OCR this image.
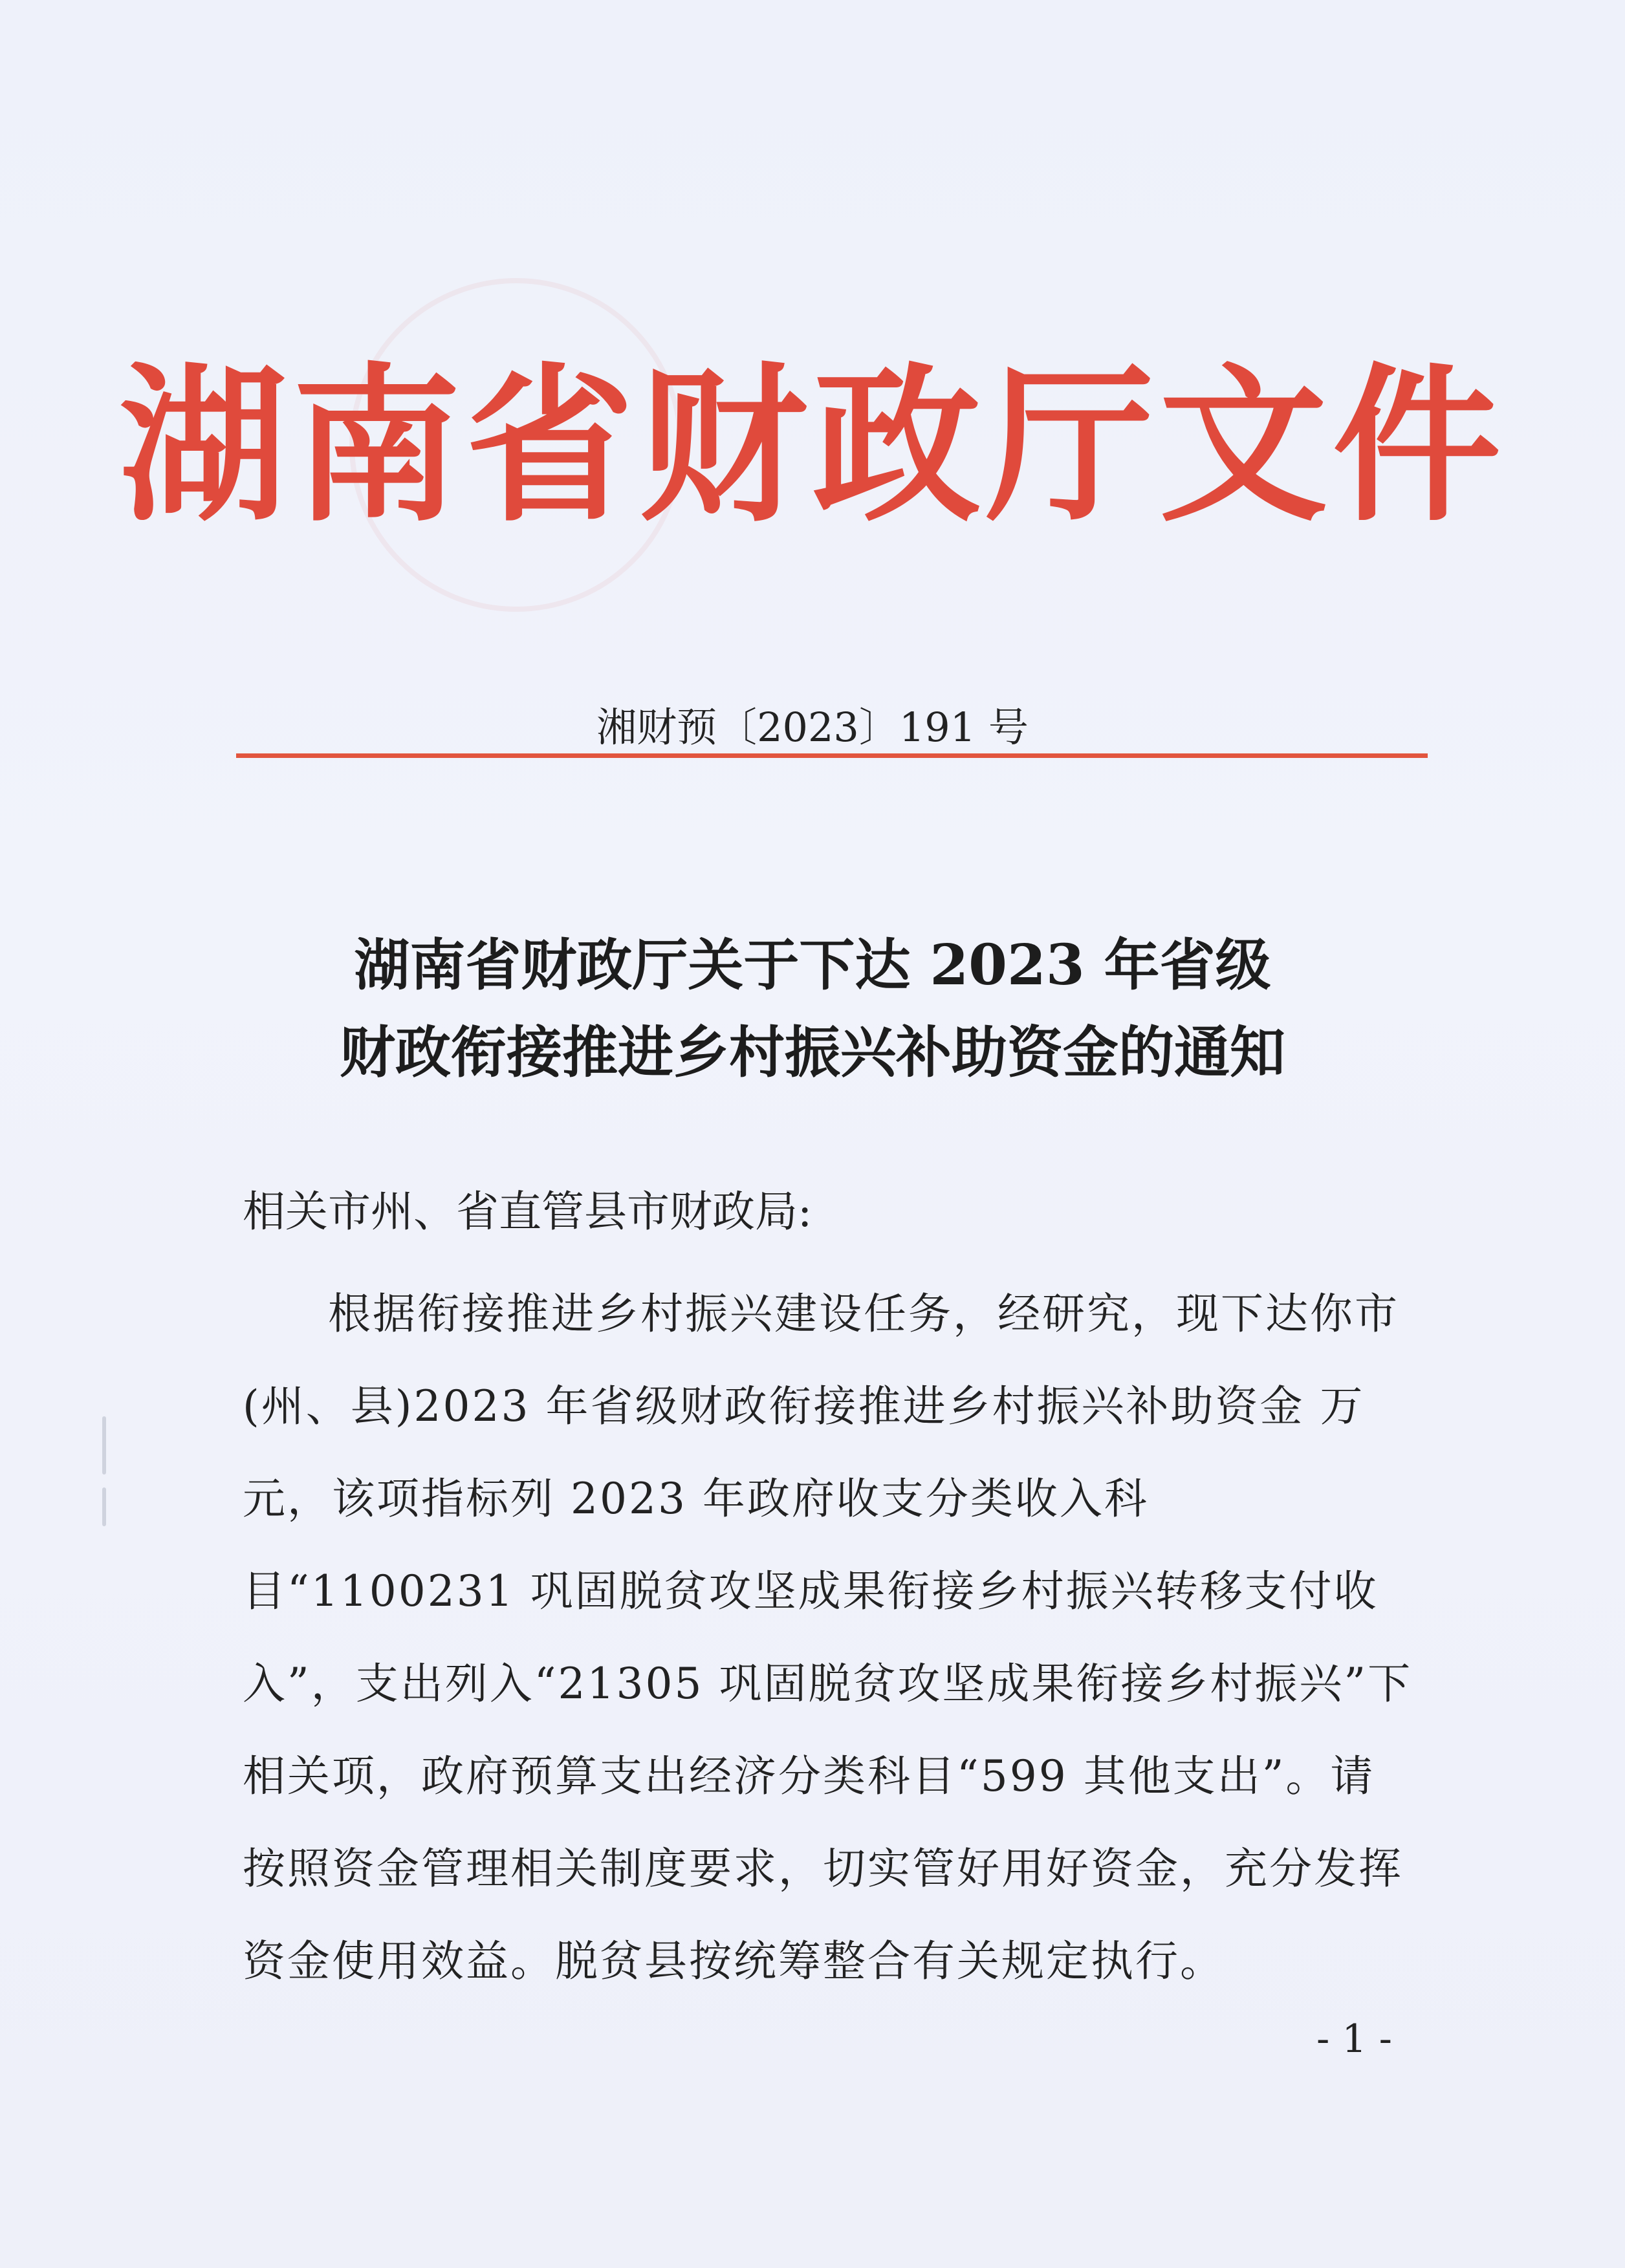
湖南省财政厅文件
湘财预〔2023〕191 号
湖南省财政厅关于下达 2023 年省级
财政衔接推进乡村振兴补助资金的通知
相关市州、省直管县市财政局:

根据衔接推进乡村振兴建设任务，经研究，现下达你市(州、县)2023 年省级财政衔接推进乡村振兴补助资金 万元，该项指标列 2023 年政府收支分类收入科目“1100231 巩固脱贫攻坚成果衔接乡村振兴转移支付收入”，支出列入“21305 巩固脱贫攻坚成果衔接乡村振兴”下相关项，政府预算支出经济分类科目“599 其他支出”。请按照资金管理相关制度要求，切实管好用好资金，充分发挥资金使用效益。脱贫县按统筹整合有关规定执行。

- 1 -
